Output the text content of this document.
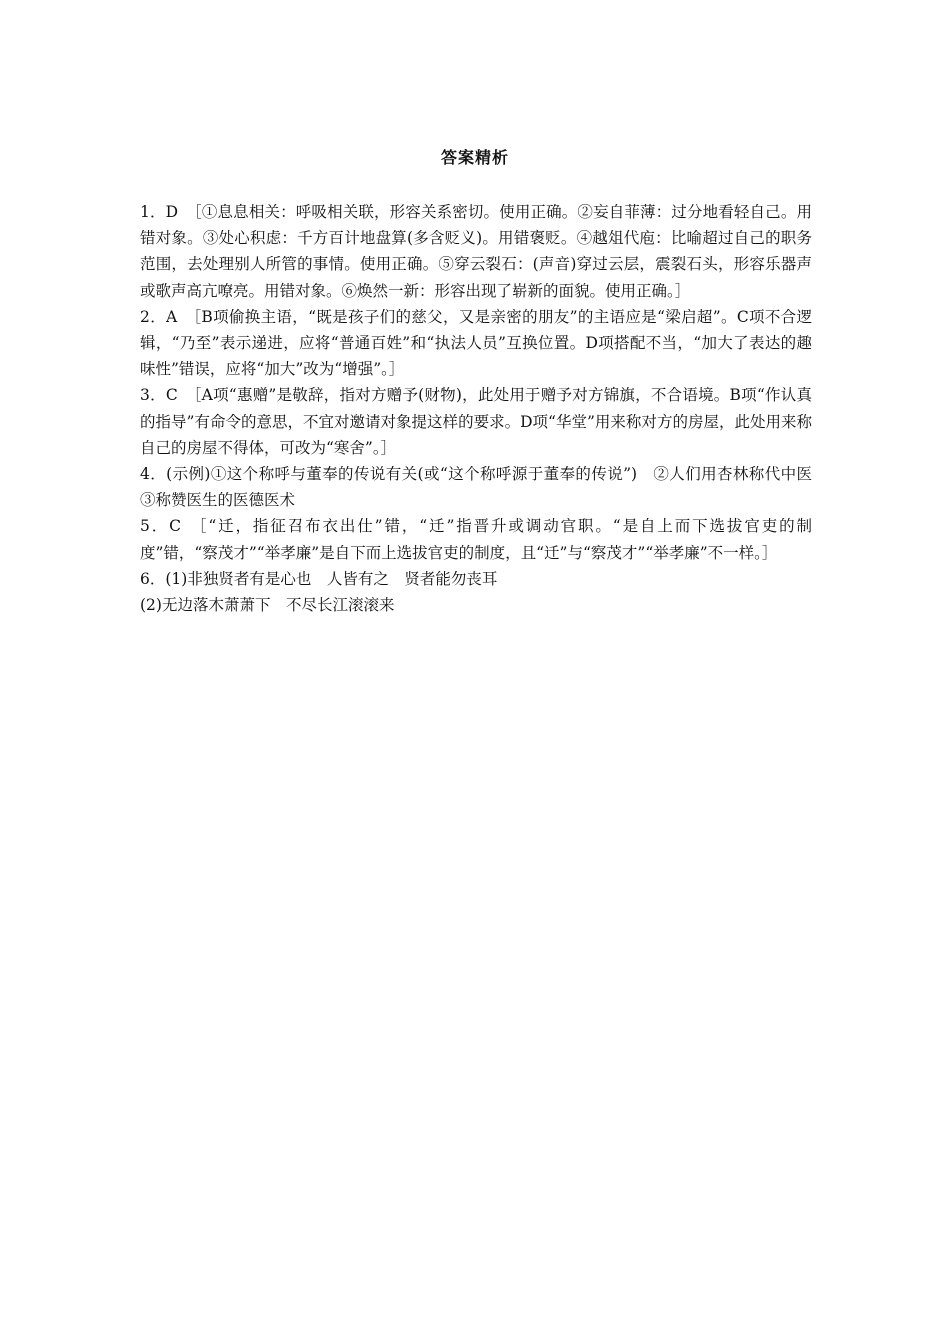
答案精析

1．D ［①息息相关：呼吸相关联，形容关系密切。使用正确。②妄自菲薄：过分地看轻自己。用错对象。③处心积虑：千方百计地盘算(多含贬义)。用错褒贬。④越俎代庖：比喻超过自己的职务范围，去处理别人所管的事情。使用正确。⑤穿云裂石：(声音)穿过云层，震裂石头，形容乐器声或歌声高亢嘹亮。用错对象。⑥焕然一新：形容出现了崭新的面貌。使用正确。］

2．A ［B项偷换主语，“既是孩子们的慈父，又是亲密的朋友”的主语应是“梁启超”。C项不合逻辑，“乃至”表示递进，应将“普通百姓”和“执法人员”互换位置。D项搭配不当，“加大了表达的趣味性”错误，应将“加大”改为“增强”。］

3．C ［A项“惠赠”是敬辞，指对方赠予(财物)，此处用于赠予对方锦旗，不合语境。B项“作认真的指导”有命令的意思，不宜对邀请对象提这样的要求。D项“华堂”用来称对方的房屋，此处用来称自己的房屋不得体，可改为“寒舍”。］

4．(示例)①这个称呼与董奉的传说有关(或“这个称呼源于董奉的传说”)　②人们用杏林称代中医　③称赞医生的医德医术

5．C ［“迁，指征召布衣出仕”错，“迁”指晋升或调动官职。“是自上而下选拔官吏的制度”错，“察茂才”“举孝廉”是自下而上选拔官吏的制度，且“迁”与“察茂才”“举孝廉”不一样。］

6．(1)非独贤者有是心也　人皆有之　贤者能勿丧耳

(2)无边落木萧萧下　不尽长江滚滚来
